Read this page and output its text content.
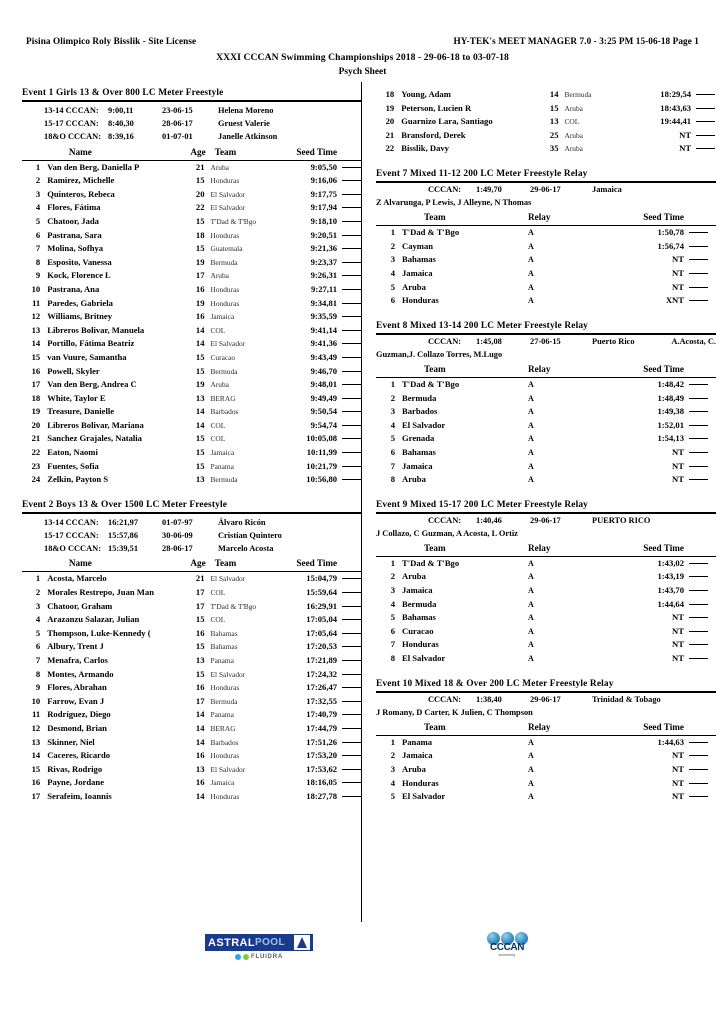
Pisina Olimpico Roly Bisslik - Site License	HY-TEK's MEET MANAGER 7.0 - 3:25 PM 15-06-18 Page 1
XXXI CCCAN Swimming Championships 2018 - 29-06-18 to 03-07-18
Psych Sheet
Event 1 Girls 13 & Over 800 LC Meter Freestyle
13-14 CCCAN:	9:00,11	23-06-15	Helena Moreno
15-17 CCCAN:	8:40,30	28-06-17	Gruest Valerie
18&O CCCAN: 8:39,16	01-07-01	Janelle Atkinson
Name	Age Team	Seed Time
1 Van den Berg, Daniella P	21 Aruba	9:05,50
2 Ramirez, Michelle	15 Honduras	9:16,06
3 Quinteros, Rebeca	20 El Salvador	9:17,75
4 Flores, Fátima	22 El Salvador	9:17,94
5 Chatoor, Jada	15 T'Dad & T'Bgo	9:18,10
6 Pastrana, Sara	18 Honduras	9:20,51
7 Molina, Sofhya	15 Guatemala	9:21,36
8 Esposito, Vanessa	19 Bermuda	9:23,37
9 Kock, Florence L	17 Aruba	9:26,31
10 Pastrana, Ana	16 Honduras	9:27,11
11 Paredes, Gabriela	19 Honduras	9:34,81
12 Williams, Britney	16 Jamaica	9:35,59
13 Libreros Bolivar, Manuela	14 COL	9:41,14
14 Portillo, Fátima Beatriz	14 El Salvador	9:41,36
15 van Vuure, Samantha	15 Curacao	9:43,49
16 Powell, Skyler	15 Bermuda	9:46,70
17 Van den Berg, Andrea C	19 Aruba	9:48,01
18 White, Taylor E	13 BERAG	9:49,49
19 Treasure, Danielle	14 Barbados	9:50,54
20 Libreros Bolivar, Mariana	14 COL	9:54,74
21 Sanchez Grajales, Natalia	15 COL	10:05,08
22 Eaton, Naomi	15 Jamaica	10:11,99
23 Fuentes, Sofia	15 Panama	10:21,79
24 Zelkin, Payton S	13 Bermuda	10:56,80
Event 2 Boys 13 & Over 1500 LC Meter Freestyle
13-14 CCCAN:	16:21,97	01-07-97	Álvaro Ricón
15-17 CCCAN:	15:57,86	30-06-09	Cristian Quintero
18&O CCCAN: 15:39,51	28-06-17	Marcelo Acosta
Name	Age Team	Seed Time
1 Acosta, Marcelo	21 El Salvador	15:04,79
2 Morales Restrepo, Juan Man	17 COL	15:59,64
3 Chatoor, Graham	17 T'Dad & T'Bgo	16:29,91
4 Arazanzu Salazar, Julian	15 COL	17:05,04
5 Thompson, Luke-Kennedy (	16 Bahamas	17:05,64
6 Albury, Trent J	15 Bahamas	17:20,53
7 Menafra, Carlos	13 Panama	17:21,89
8 Montes, Armando	15 El Salvador	17:24,32
9 Flores, Abrahan	16 Honduras	17:26,47
10 Farrow, Evan J	17 Bermuda	17:32,55
11 Rodríguez, Diego	14 Panama	17:40,79
12 Desmond, Brian	14 BERAG	17:44,79
13 Skinner, Niel	14 Barbados	17:51,26
14 Caceres, Ricardo	16 Honduras	17:53,20
15 Rivas, Rodrigo	13 El Salvador	17:53,62
16 Payne, Jordane	16 Jamaica	18:16,05
17 Serafeim, Ioannis	14 Honduras	18:27,78
18 Young, Adam	14 Bermuda	18:29,54
19 Peterson, Lucien R	15 Aruba	18:43,63
20 Guarnizo Lara, Santiago	13 COL	19:44,41
21 Bransford, Derek	25 Aruba	NT
22 Bisslik, Davy	35 Aruba	NT
Event 7 Mixed 11-12 200 LC Meter Freestyle Relay
CCCAN:	1:49,70	29-06-17	Jamaica
Z Alvarunga, P Lewis, J Alleyne, N Thomas
Team	Relay	Seed Time
1 T'Dad & T'Bgo	A	1:50,78
2 Cayman	A	1:56,74
3 Bahamas	A	NT
4 Jamaica	A	NT
5 Aruba	A	NT
6 Honduras	A	XNT
Event 8 Mixed 13-14 200 LC Meter Freestyle Relay
CCCAN:	1:45,08	27-06-15	Puerto Rico	A.Acosta, C.
Guzman,J. Collazo Torres, M.Lugo
Team	Relay	Seed Time
1 T'Dad & T'Bgo	A	1:48,42
2 Bermuda	A	1:48,49
3 Barbados	A	1:49,38
4 El Salvador	A	1:52,01
5 Grenada	A	1:54,13
6 Bahamas	A	NT
7 Jamaica	A	NT
8 Aruba	A	NT
Event 9 Mixed 15-17 200 LC Meter Freestyle Relay
CCCAN:	1:40,46	29-06-17	PUERTO RICO
J Collazo, C Guzman, A Acosta, L Ortiz
Team	Relay	Seed Time
1 T'Dad & T'Bgo	A	1:43,02
2 Aruba	A	1:43,19
3 Jamaica	A	1:43,70
4 Bermuda	A	1:44,64
5 Bahamas	A	NT
6 Curacao	A	NT
7 Honduras	A	NT
8 El Salvador	A	NT
Event 10 Mixed 18 & Over 200 LC Meter Freestyle Relay
CCCAN:	1:38,40	29-06-17	Trinidad & Tobago
J Romany, D Carter, K Julien, C Thompson
Team	Relay	Seed Time
1 Panama	A	1:44,63
2 Jamaica	A	NT
3 Aruba	A	NT
4 Honduras	A	NT
5 El Salvador	A	NT
ASTRAL POOL
FLUIDRA
CCCAN
swimming
